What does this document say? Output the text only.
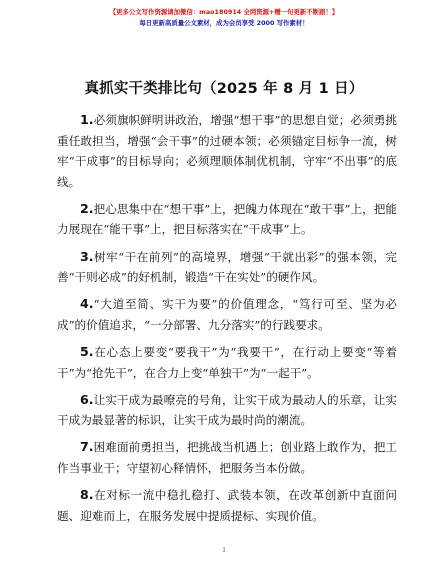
【更多公文写作资源请加微信：mao180914 全网资源+赠一句更新不断跟！】
每日更新高质量公文素材，成为会员享受 2000 写作素材！
真抓实干类排比句（2025 年 8 月 1 日）

1.必须旗帜鲜明讲政治，增强“想干事”的思想自觉；必须勇挑重任敢担当，增强“会干事”的过硬本领；必须锚定目标争一流，树牢“干成事”的目标导向；必须理顺体制优机制，守牢“不出事”的底线。

2.把心思集中在“想干事”上，把魄力体现在“敢干事”上，把能力展现在“能干事”上，把目标落实在“干成事”上。

3.树牢“干在前列”的高境界，增强“干就出彩”的强本领，完善“干则必成”的好机制，锻造“干在实处”的硬作风。

4.“大道至简、实干为要”的价值理念，“笃行可至、坚为必成”的价值追求，“一分部署、九分落实”的行践要求。

5.在心态上要变“要我干”为“我要干”，在行动上要变“等着干”为“抢先干”，在合力上变“单独干”为“一起干”。

6.让实干成为最嘹亮的号角，让实干成为最动人的乐章，让实干成为最显著的标识，让实干成为最时尚的潮流。

7.困难面前勇担当，把挑战当机遇上；创业路上敢作为，把工作当事业干；守望初心释情怀，把服务当本份做。

8.在对标一流中稳扎稳打、武装本领，在改革创新中直面问题、迎难而上，在服务发展中提质提标、实现价值。

1
